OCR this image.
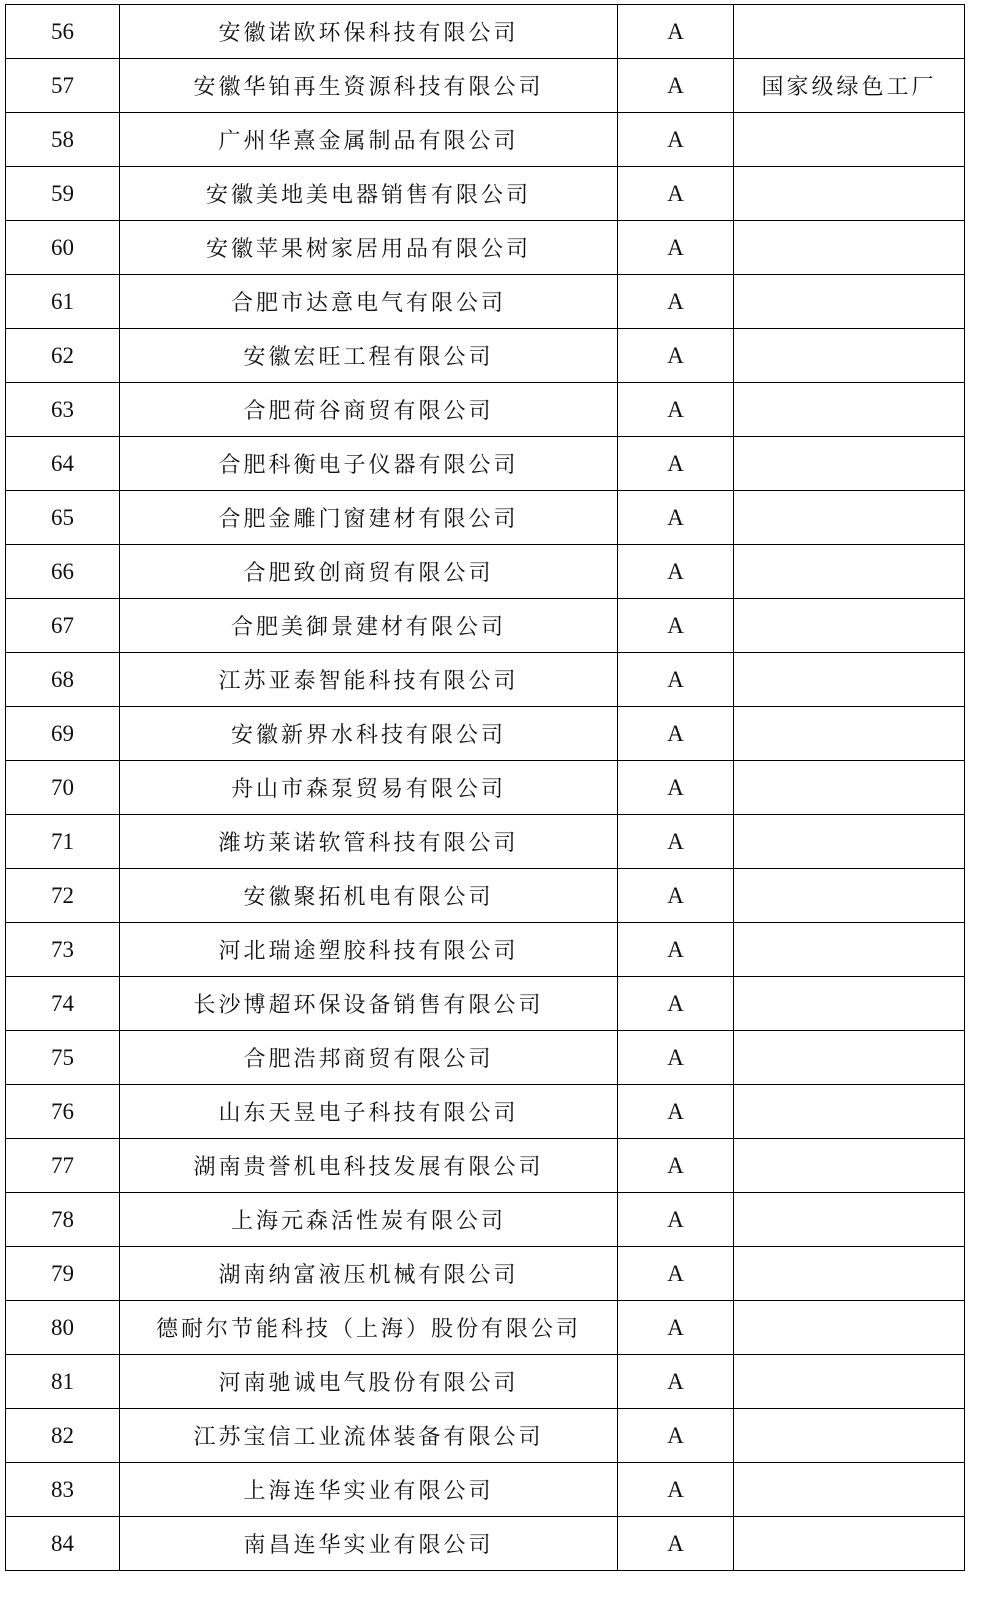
56	安徽诺欧环保科技有限公司	A	
57	安徽华铂再生资源科技有限公司	A	国家级绿色工厂
58	广州华熹金属制品有限公司	A	
59	安徽美地美电器销售有限公司	A	
60	安徽苹果树家居用品有限公司	A	
61	合肥市达意电气有限公司	A	
62	安徽宏旺工程有限公司	A	
63	合肥荷谷商贸有限公司	A	
64	合肥科衡电子仪器有限公司	A	
65	合肥金雕门窗建材有限公司	A	
66	合肥致创商贸有限公司	A	
67	合肥美御景建材有限公司	A	
68	江苏亚泰智能科技有限公司	A	
69	安徽新界水科技有限公司	A	
70	舟山市森泵贸易有限公司	A	
71	潍坊莱诺软管科技有限公司	A	
72	安徽聚拓机电有限公司	A	
73	河北瑞途塑胶科技有限公司	A	
74	长沙博超环保设备销售有限公司	A	
75	合肥浩邦商贸有限公司	A	
76	山东天昱电子科技有限公司	A	
77	湖南贵誉机电科技发展有限公司	A	
78	上海元森活性炭有限公司	A	
79	湖南纳富液压机械有限公司	A	
80	德耐尔节能科技（上海）股份有限公司	A	
81	河南驰诚电气股份有限公司	A	
82	江苏宝信工业流体装备有限公司	A	
83	上海连华实业有限公司	A	
84	南昌连华实业有限公司	A	
